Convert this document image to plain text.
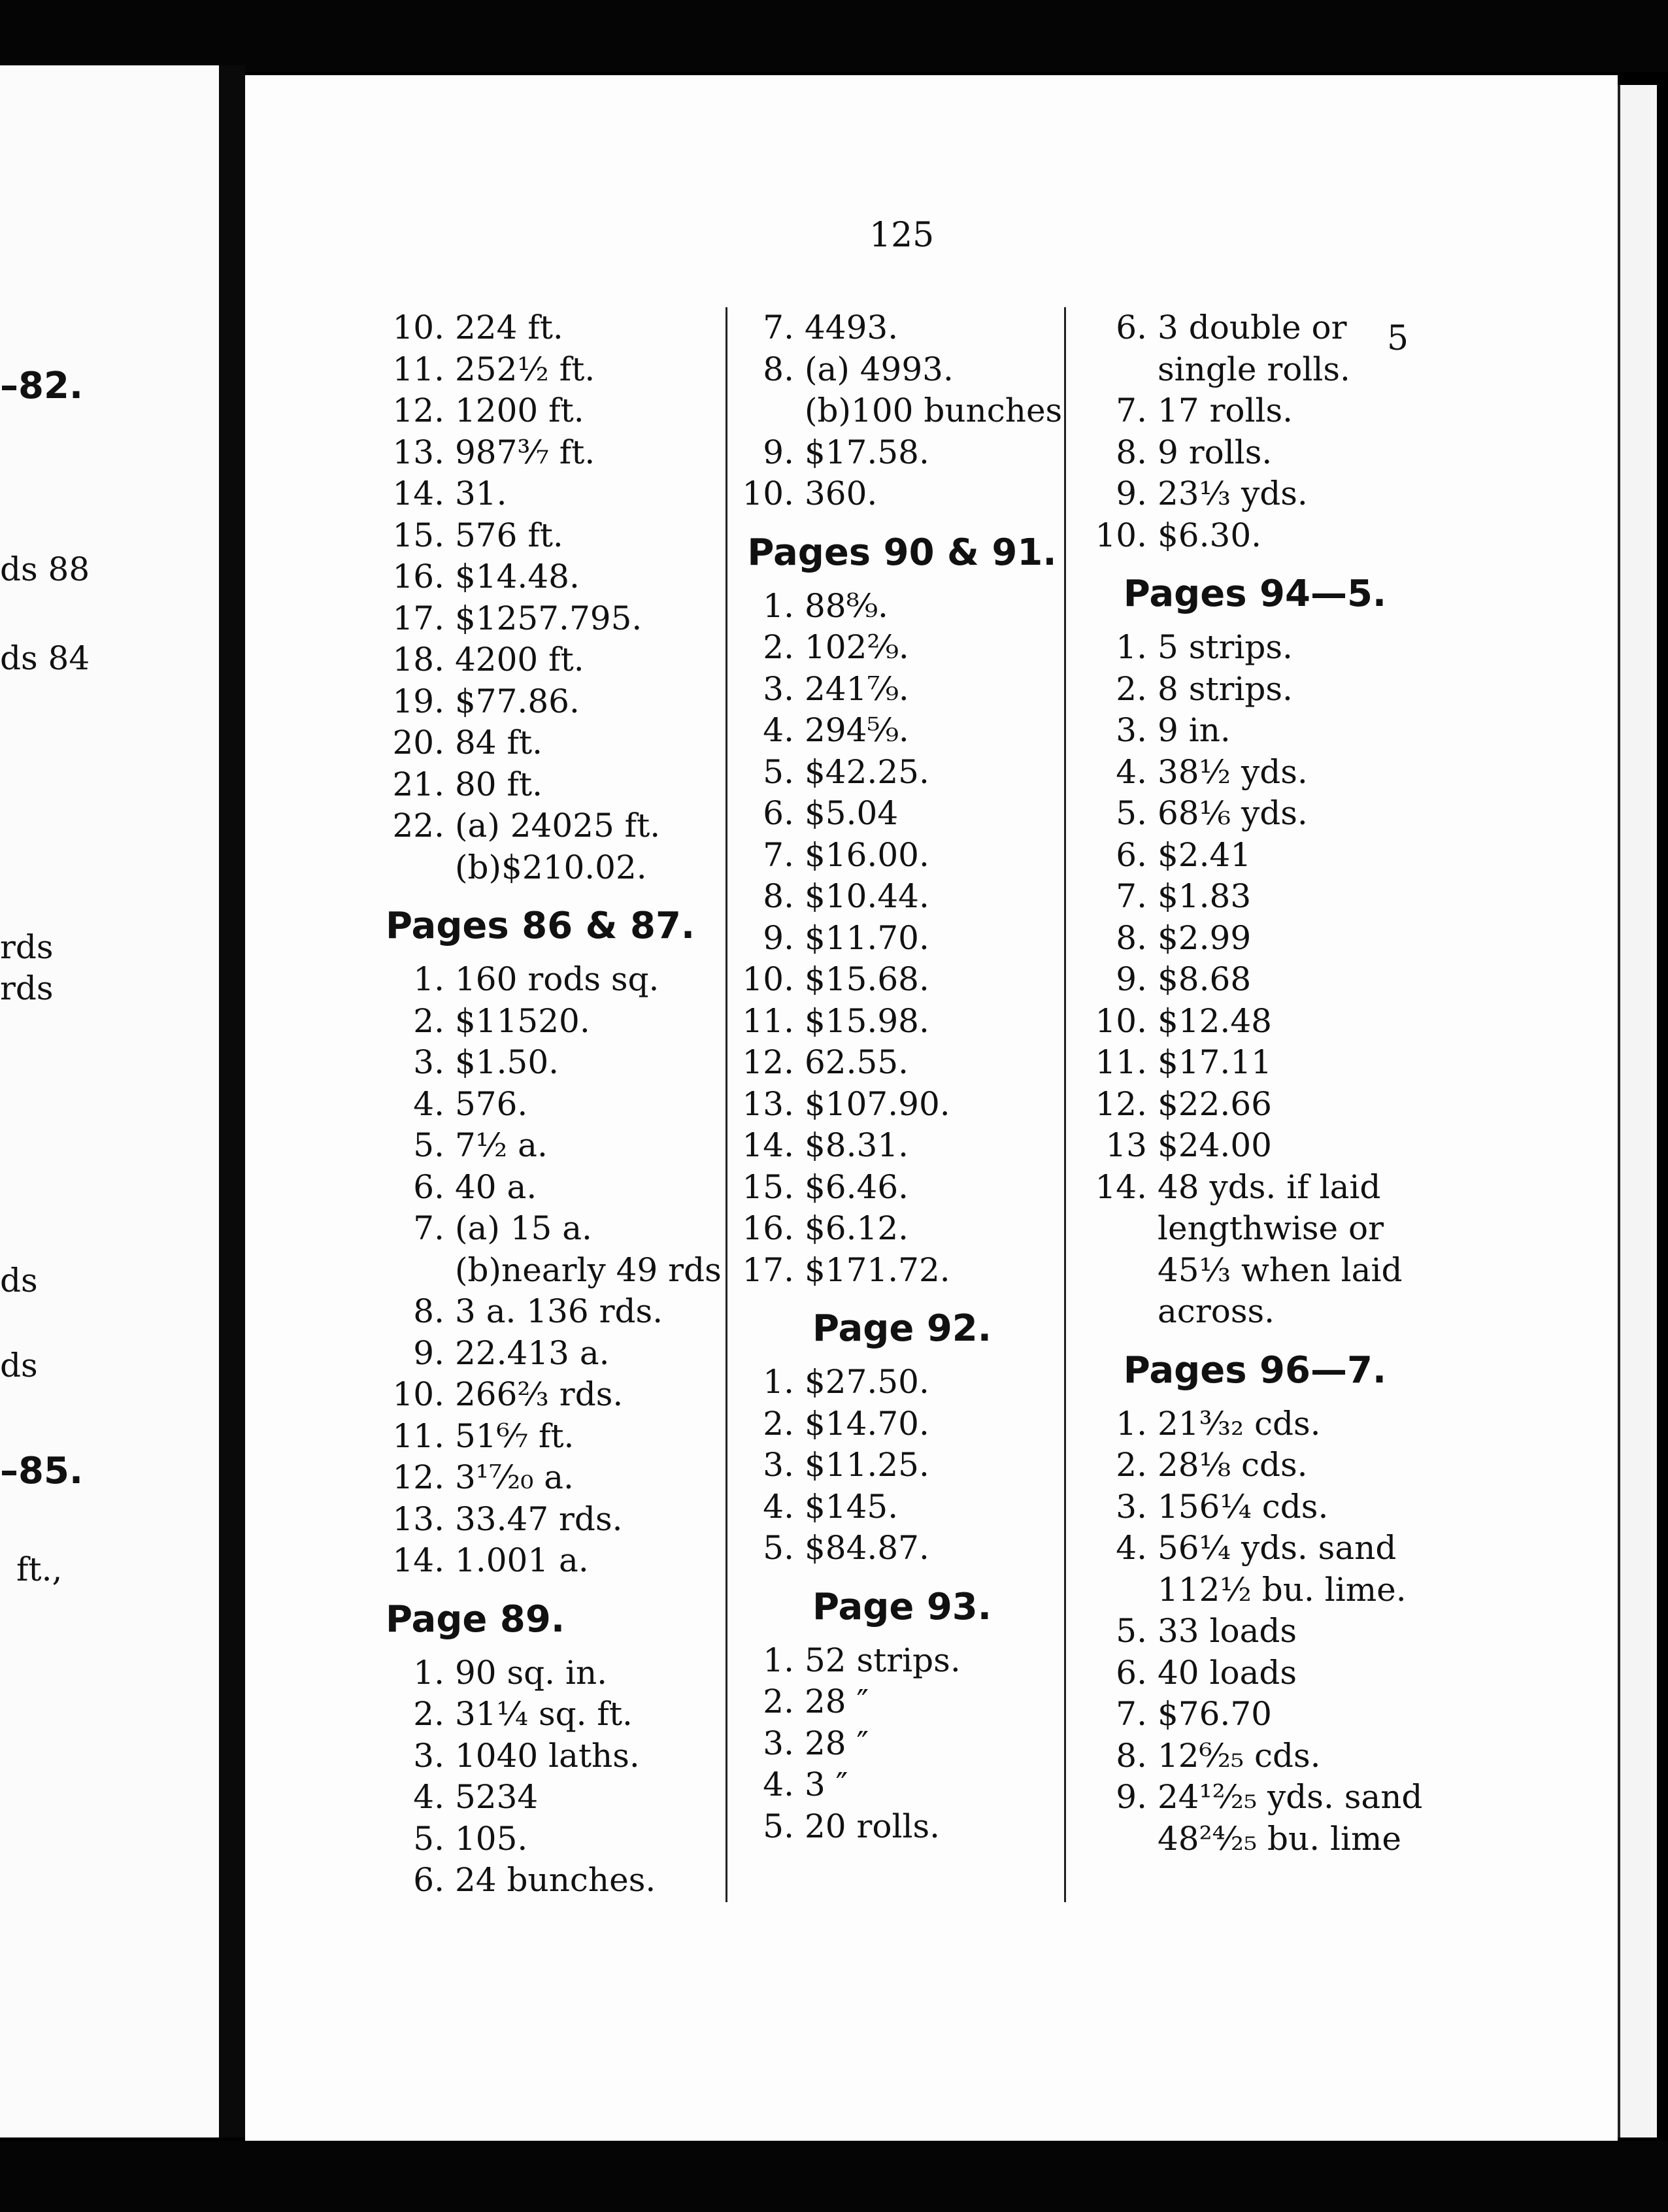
–82.
ds 88
ds 84
rds
rds
ds
ds
–85.
ft.,
125
5
10. 224 ft.
11. 252½ ft.
12. 1200 ft.
13. 987³⁄₇ ft.
14. 31.
15. 576 ft.
16. $14.48.
17. $1257.795.
18. 4200 ft.
19. $77.86.
20. 84 ft.
21. 80 ft.
22. (a) 24025 ft.
(b)$210.02.
Pages 86 & 87.
1. 160 rods sq.
2. $11520.
3. $1.50.
4. 576.
5. 7½ a.
6. 40 a.
7. (a) 15 a.
(b)nearly 49 rds
8. 3 a. 136 rds.
9. 22.413 a.
10. 266⅔ rds.
11. 51⁶⁄₇ ft.
12. 3¹⁷⁄₂₀ a.
13. 33.47 rds.
14. 1.001 a.
Page 89.
1. 90 sq. in.
2. 31¼ sq. ft.
3. 1040 laths.
4. 5234
5. 105.
6. 24 bunches.
7. 4493.
8. (a) 4993.
(b)100 bunches
9. $17.58.
10. 360.
Pages 90 & 91.
1. 88⁸⁄₉.
2. 102²⁄₉.
3. 241⁷⁄₉.
4. 294⁵⁄₉.
5. $42.25.
6. $5.04
7. $16.00.
8. $10.44.
9. $11.70.
10. $15.68.
11. $15.98.
12. 62.55.
13. $107.90.
14. $8.31.
15. $6.46.
16. $6.12.
17. $171.72.
Page 92.
1. $27.50.
2. $14.70.
3. $11.25.
4. $145.
5. $84.87.
Page 93.
1. 52 strips.
2. 28 ″
3. 28 ″
4. 3 ″
5. 20 rolls.
6. 3 double or
single rolls.
7. 17 rolls.
8. 9 rolls.
9. 23⅓ yds.
10. $6.30.
Pages 94—5.
1. 5 strips.
2. 8 strips.
3. 9 in.
4. 38½ yds.
5. 68⅙ yds.
6. $2.41
7. $1.83
8. $2.99
9. $8.68
10. $12.48
11. $17.11
12. $22.66
13 $24.00
14. 48 yds. if laid
lengthwise or
45⅓ when laid
across.
Pages 96—7.
1. 21³⁄₃₂ cds.
2. 28⅛ cds.
3. 156¼ cds.
4. 56¼ yds. sand
112½ bu. lime.
5. 33 loads
6. 40 loads
7. $76.70
8. 12⁶⁄₂₅ cds.
9. 24¹²⁄₂₅ yds. sand
48²⁴⁄₂₅ bu. lime
